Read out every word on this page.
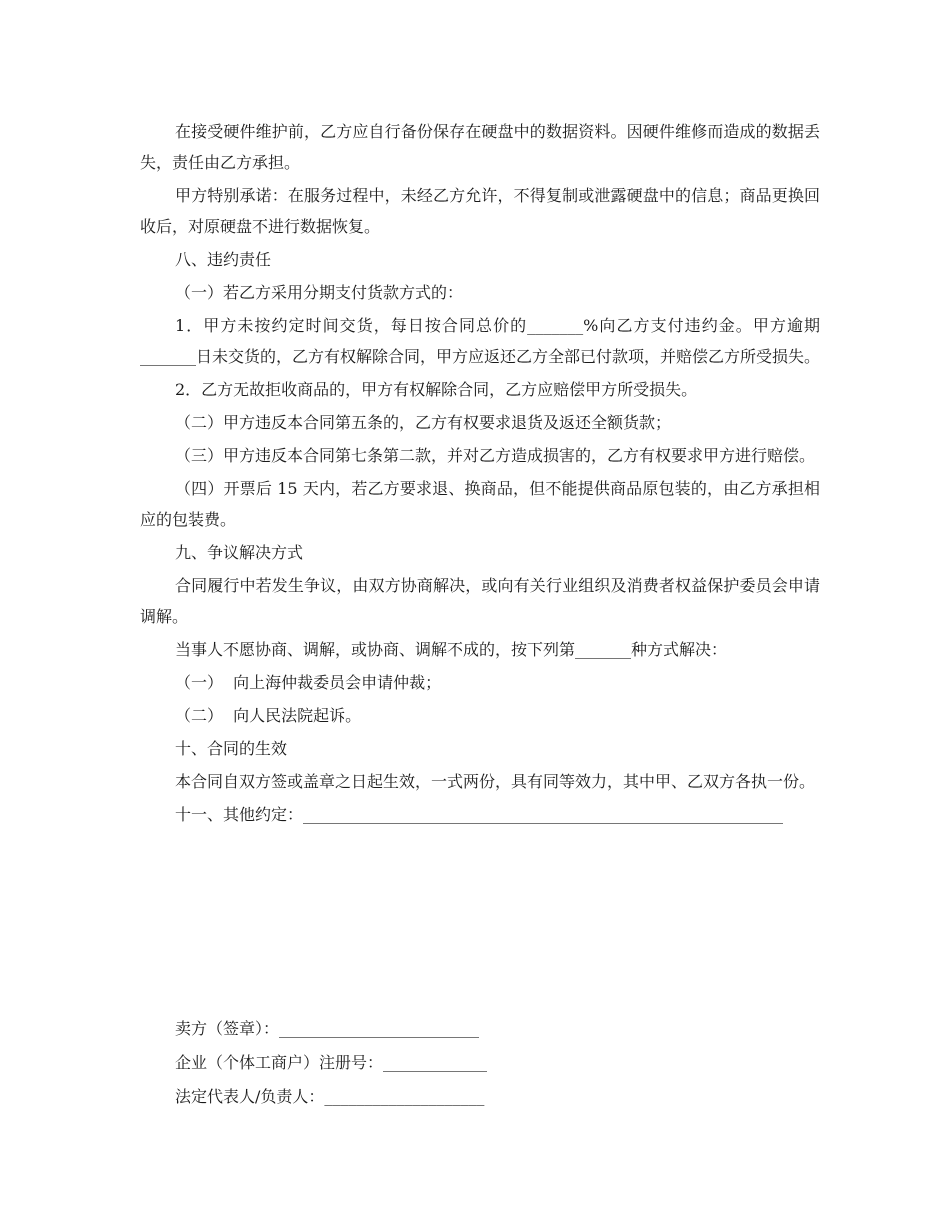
在接受硬件维护前，乙方应自行备份保存在硬盘中的数据资料。因硬件维修而造成的数据丢失，责任由乙方承担。

甲方特别承诺：在服务过程中，未经乙方允许，不得复制或泄露硬盘中的信息；商品更换回收后，对原硬盘不进行数据恢复。

八、违约责任

（一）若乙方采用分期支付货款方式的：

1．甲方未按约定时间交货，每日按合同总价的_______%向乙方支付违约金。甲方逾期_______日未交货的，乙方有权解除合同，甲方应返还乙方全部已付款项，并赔偿乙方所受损失。

2．乙方无故拒收商品的，甲方有权解除合同，乙方应赔偿甲方所受损失。

（二）甲方违反本合同第五条的，乙方有权要求退货及返还全额货款；

（三）甲方违反本合同第七条第二款，并对乙方造成损害的，乙方有权要求甲方进行赔偿。

（四）开票后 15 天内，若乙方要求退、换商品，但不能提供商品原包装的，由乙方承担相应的包装费。

九、争议解决方式

合同履行中若发生争议，由双方协商解决，或向有关行业组织及消费者权益保护委员会申请调解。

当事人不愿协商、调解，或协商、调解不成的，按下列第_______种方式解决：

（一）  向上海仲裁委员会申请仲裁；

（二）  向人民法院起诉。

十、合同的生效

本合同自双方签或盖章之日起生效，一式两份，具有同等效力，其中甲、乙双方各执一份。

十一、其他约定：____________________________________________________________

卖方（签章）：_________________________
企业（个体工商户）注册号：_____________
法定代表人/负责人：____________________
